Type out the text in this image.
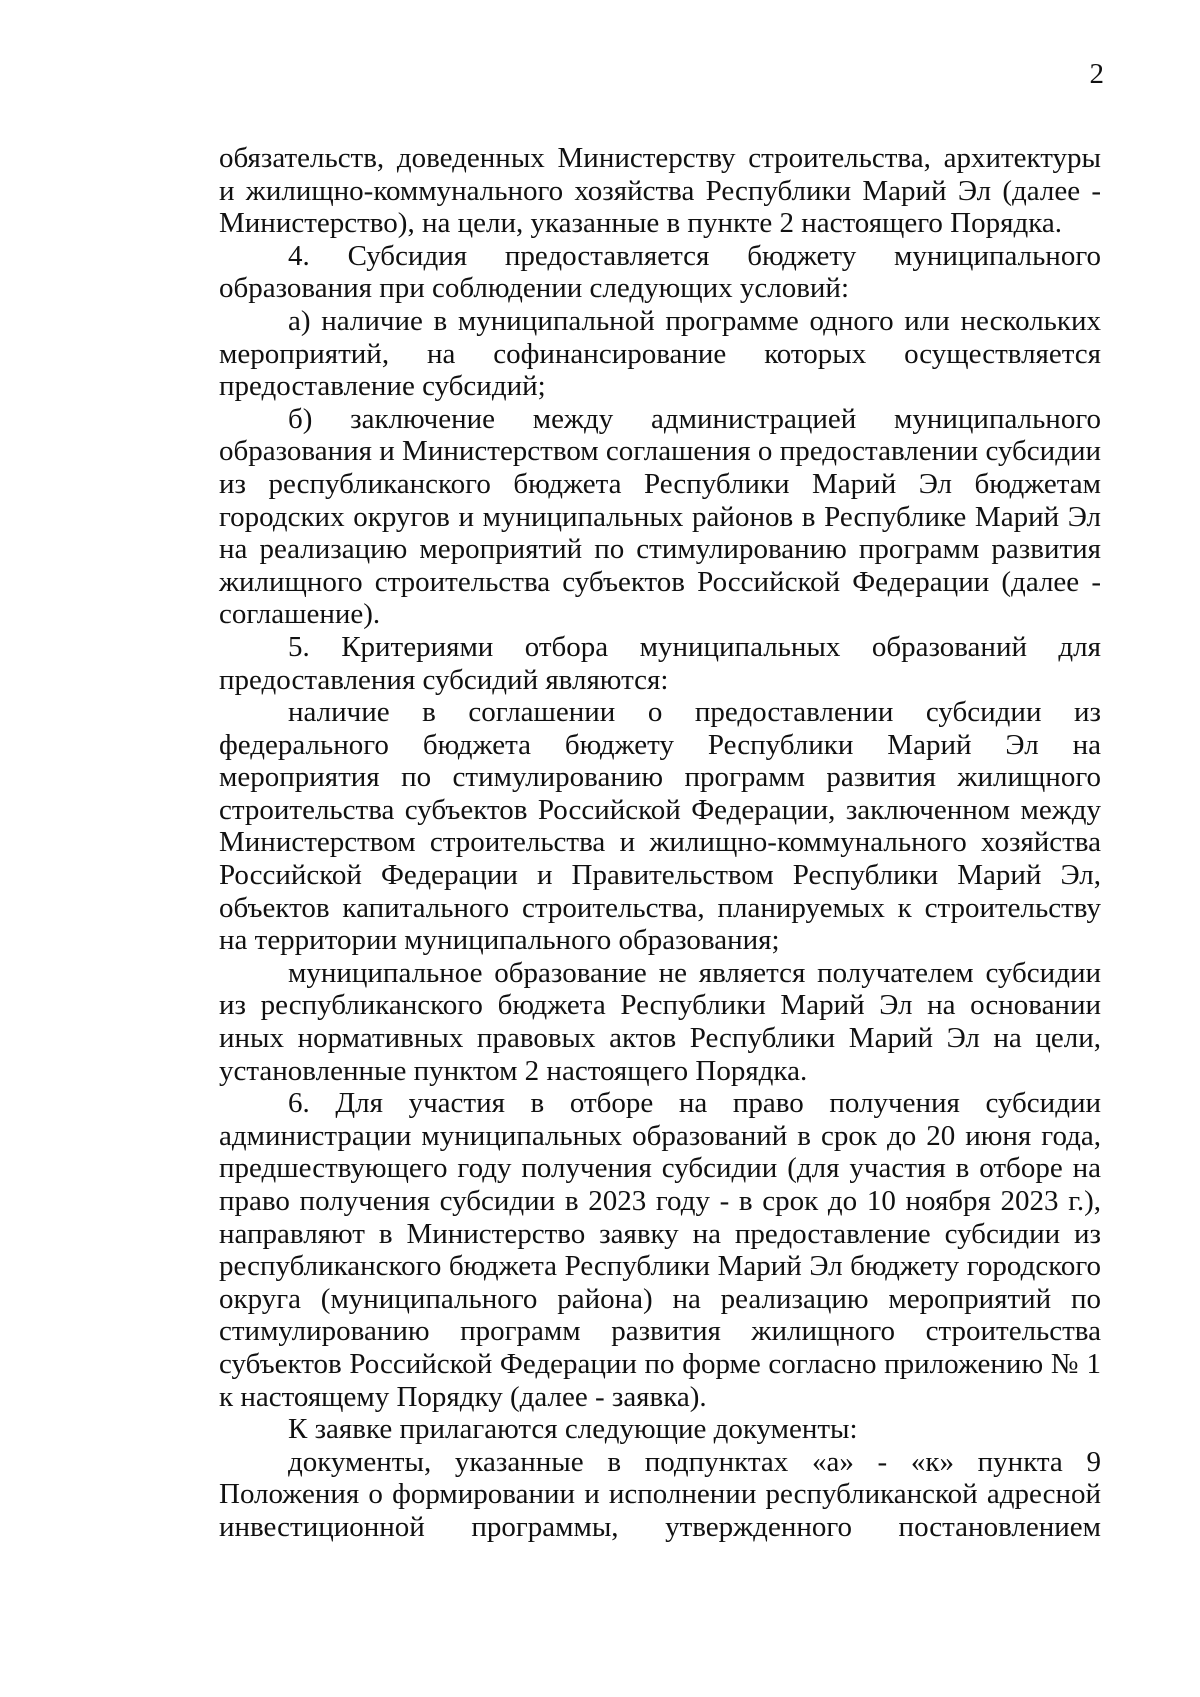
2

обязательств, доведенных Министерству строительства, архитектуры и жилищно-коммунального хозяйства Республики Марий Эл (далее - Министерство), на цели, указанные в пункте 2 настоящего Порядка.

4. Субсидия предоставляется бюджету муниципального образования при соблюдении следующих условий:

а) наличие в муниципальной программе одного или нескольких мероприятий, на софинансирование которых осуществляется предоставление субсидий;

б) заключение между администрацией муниципального образования и Министерством соглашения о предоставлении субсидии из республиканского бюджета Республики Марий Эл бюджетам городских округов и муниципальных районов в Республике Марий Эл на реализацию мероприятий по стимулированию программ развития жилищного строительства субъектов Российской Федерации (далее - соглашение).

5. Критериями отбора муниципальных образований для предоставления субсидий являются:

наличие в соглашении о предоставлении субсидии из федерального бюджета бюджету Республики Марий Эл на мероприятия по стимулированию программ развития жилищного строительства субъектов Российской Федерации, заключенном между Министерством строительства и жилищно-коммунального хозяйства Российской Федерации и Правительством Республики Марий Эл, объектов капитального строительства, планируемых к строительству на территории муниципального образования;

муниципальное образование не является получателем субсидии из республиканского бюджета Республики Марий Эл на основании иных нормативных правовых актов Республики Марий Эл на цели, установленные пунктом 2 настоящего Порядка.

6. Для участия в отборе на право получения субсидии администрации муниципальных образований в срок до 20 июня года, предшествующего году получения субсидии (для участия в отборе на право получения субсидии в 2023 году - в срок до 10 ноября 2023 г.), направляют в Министерство заявку на предоставление субсидии из республиканского бюджета Республики Марий Эл бюджету городского округа (муниципального района) на реализацию мероприятий по стимулированию программ развития жилищного строительства субъектов Российской Федерации по форме согласно приложению № 1 к настоящему Порядку (далее - заявка).

К заявке прилагаются следующие документы:

документы, указанные в подпунктах «а» - «к» пункта 9 Положения о формировании и исполнении республиканской адресной инвестиционной программы, утвержденного постановлением
